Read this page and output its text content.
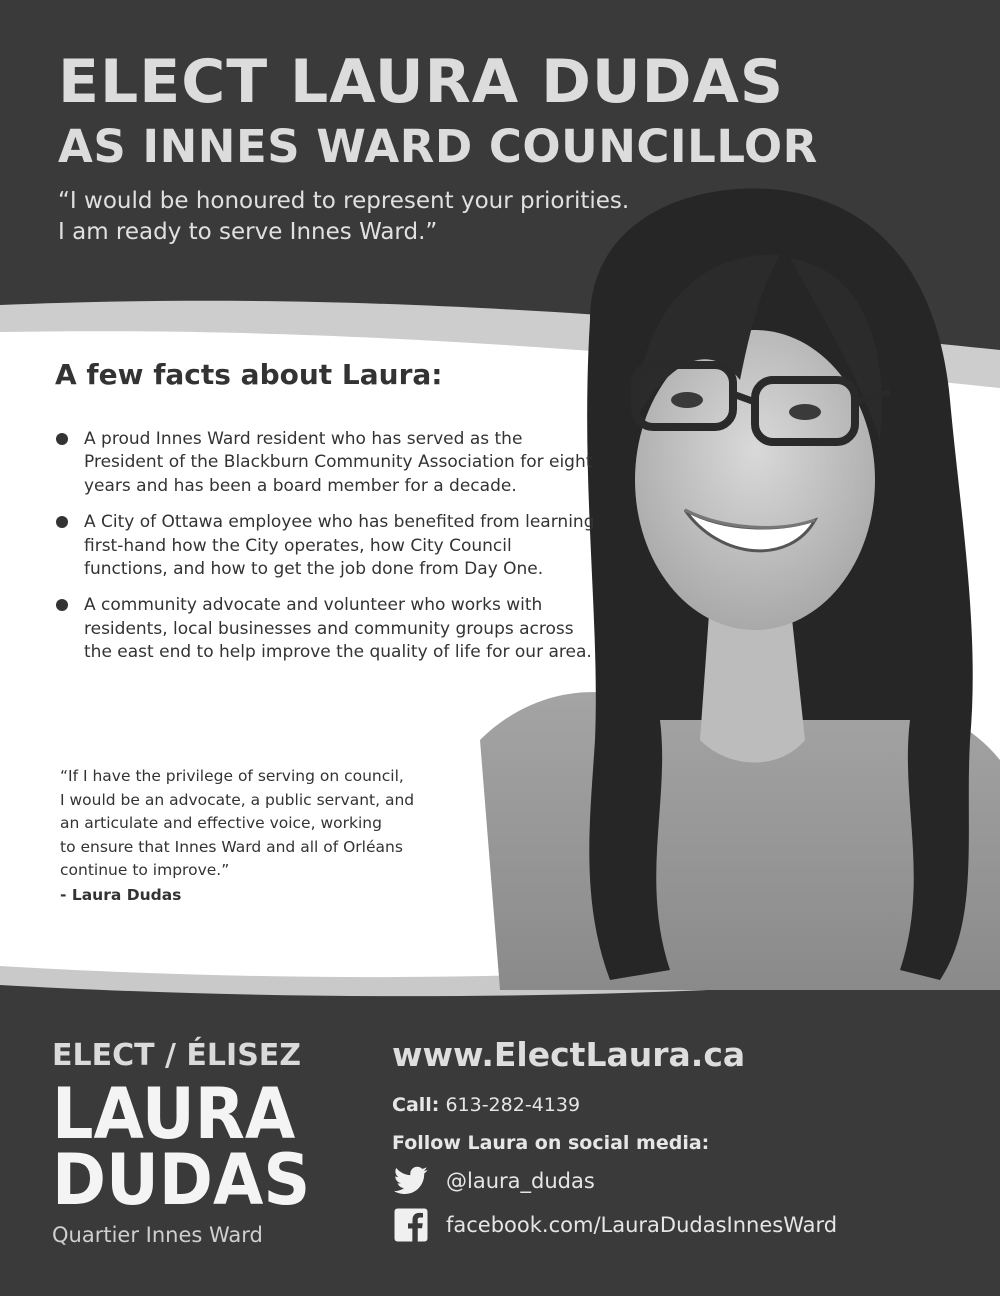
ELECT LAURA DUDAS
AS INNES WARD COUNCILLOR
“I would be honoured to represent your priorities.
I am ready to serve Innes Ward.”
A few facts about Laura:
A proud Innes Ward resident who has served as the President of the Blackburn Community Association for eight years and has been a board member for a decade.
A City of Ottawa employee who has benefited from learning first-hand how the City operates, how City Council functions, and how to get the job done from Day One.
A community advocate and volunteer who works with residents, local businesses and community groups across the east end to help improve the quality of life for our area.
“If I have the privilege of serving on council,
I would be an advocate, a public servant, and
an articulate and effective voice, working
to ensure that Innes Ward and all of Orléans
continue to improve.”
- Laura Dudas
ELECT / ÉLISEZ
LAURA
DUDAS
Quartier Innes Ward
www.ElectLaura.ca
Call: 613-282-4139
Follow Laura on social media:
@laura_dudas
facebook.com/LauraDudasInnesWard
